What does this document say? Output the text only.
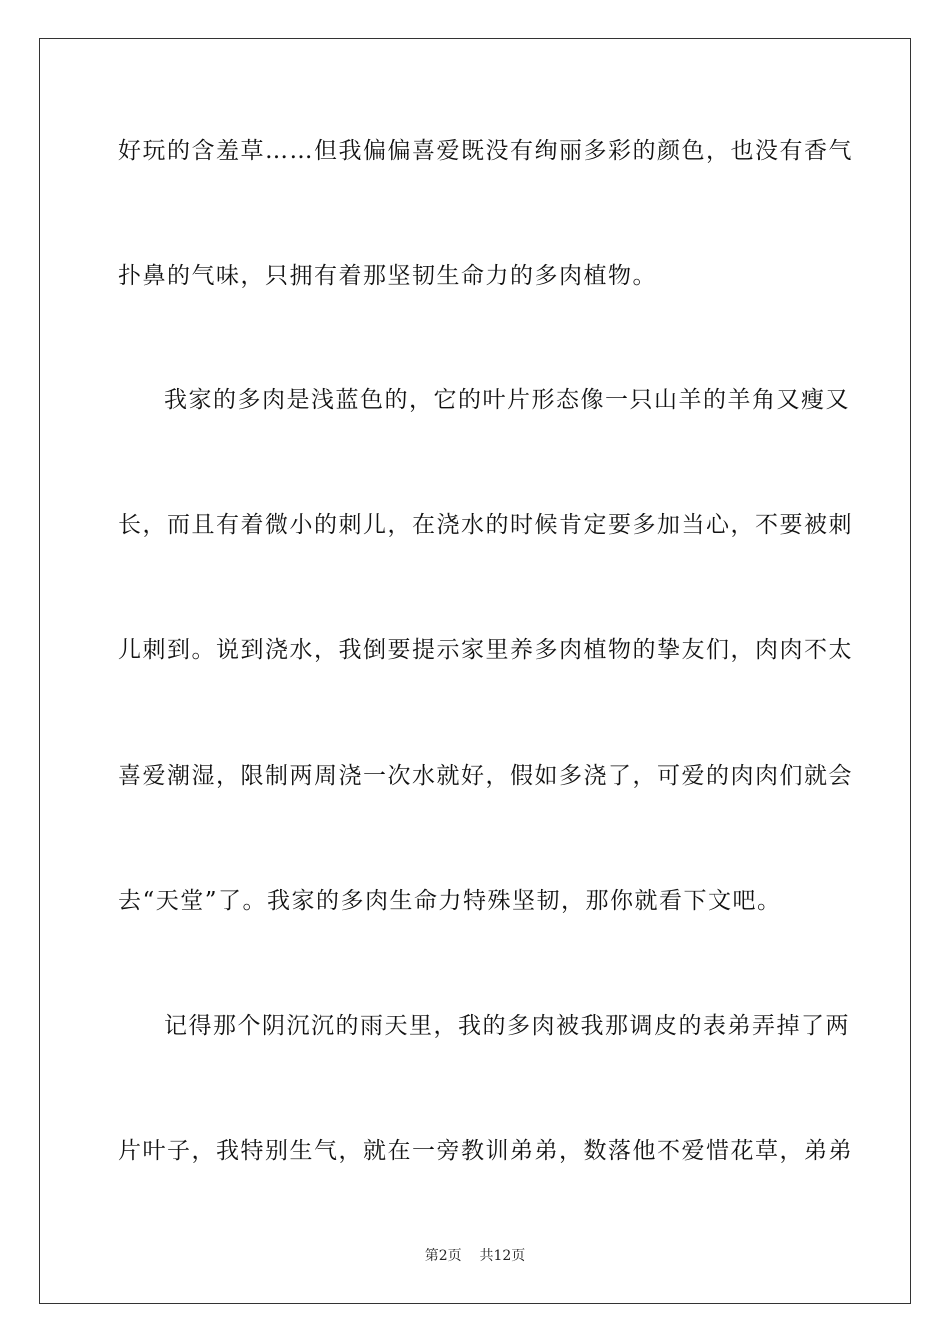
好玩的含羞草……但我偏偏喜爱既没有绚丽多彩的颜色，也没有香气
扑鼻的气味，只拥有着那坚韧生命力的多肉植物。
我家的多肉是浅蓝色的，它的叶片形态像一只山羊的羊角又瘦又
长，而且有着微小的刺儿，在浇水的时候肯定要多加当心，不要被刺
儿刺到。说到浇水，我倒要提示家里养多肉植物的挚友们，肉肉不太
喜爱潮湿，限制两周浇一次水就好，假如多浇了，可爱的肉肉们就会
去“天堂”了。我家的多肉生命力特殊坚韧，那你就看下文吧。
记得那个阴沉沉的雨天里，我的多肉被我那调皮的表弟弄掉了两
片叶子，我特别生气，就在一旁教训弟弟，数落他不爱惜花草，弟弟
第2页 共12页
